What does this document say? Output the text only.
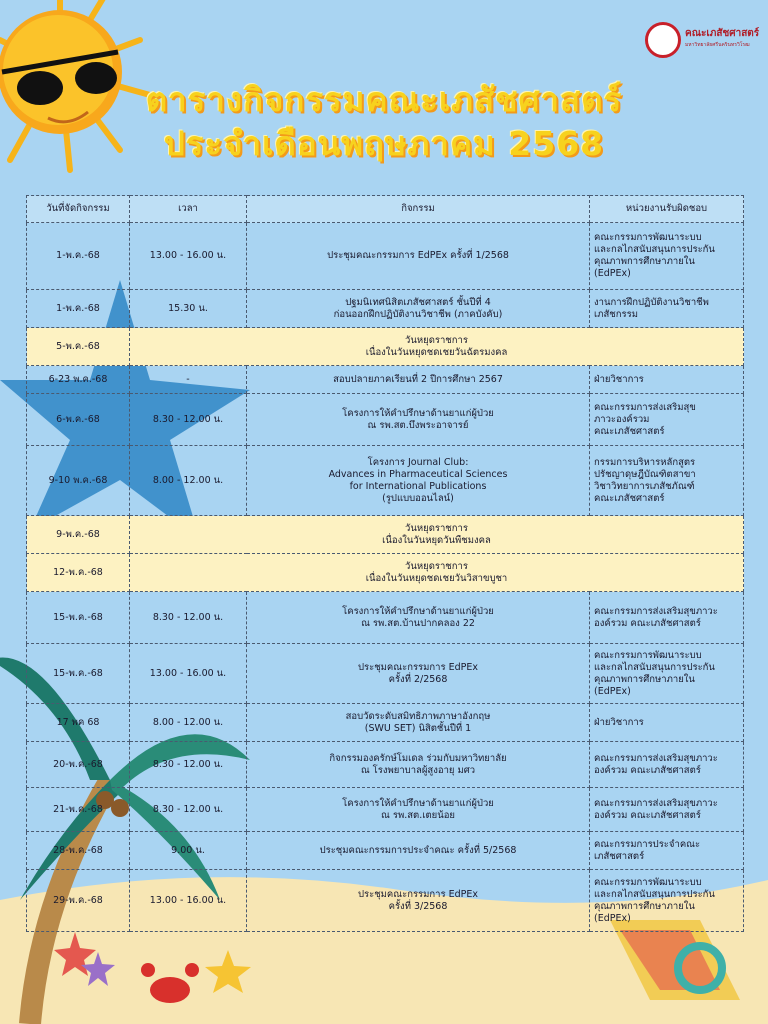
คณะเภสัชศาสตร์
มหาวิทยาลัยศรีนครินทรวิโรฒ
ตารางกิจกรรมคณะเภสัชศาสตร์
ประจำเดือนพฤษภาคม 2568
วันที่จัดกิจกรรม	เวลา	กิจกรรม	หน่วยงานรับผิดชอบ
1-พ.ค.-68	13.00 - 16.00 น.	ประชุมคณะกรรมการ EdPEx ครั้งที่ 1/2568	คณะกรรมการพัฒนาระบบ
และกลไกสนับสนุนการประกัน
คุณภาพการศึกษาภายใน
(EdPEx)
1-พ.ค.-68	15.30 น.	ปฐมนิเทศนิสิตเภสัชศาสตร์ ชั้นปีที่ 4
ก่อนออกฝึกปฏิบัติงานวิชาชีพ (ภาคบังคับ)	งานการฝึกปฏิบัติงานวิชาชีพ
เภสัชกรรม
5-พ.ค.-68	วันหยุดราชการ
เนื่องในวันหยุดชดเชยวันฉัตรมงคล		
6-23 พ.ค.-68	-	สอบปลายภาคเรียนที่ 2 ปีการศึกษา 2567	ฝ่ายวิชาการ
6-พ.ค.-68	8.30 - 12.00 น.	โครงการให้คำปรึกษาด้านยาแก่ผู้ป่วย
ณ รพ.สต.บึงพระอาจารย์	คณะกรรมการส่งเสริมสุข
ภาวะองค์รวม
คณะเภสัชศาสตร์
9-10 พ.ค.-68	8.00 - 12.00 น.	โครงการ Journal Club:
Advances in Pharmaceutical Sciences
for International Publications
(รูปแบบออนไลน์)	กรรมการบริหารหลักสูตร
ปรัชญาดุษฎีบัณฑิตสาขา
วิชาวิทยาการเภสัชภัณฑ์
คณะเภสัชศาสตร์
9-พ.ค.-68	วันหยุดราชการ
เนื่องในวันหยุดวันพืชมงคล		
12-พ.ค.-68	วันหยุดราชการ
เนื่องในวันหยุดชดเชยวันวิสาขบูชา		
15-พ.ค.-68	8.30 - 12.00 น.	โครงการให้คำปรึกษาด้านยาแก่ผู้ป่วย
ณ รพ.สต.บ้านปากคลอง 22	คณะกรรมการส่งเสริมสุขภาวะ
องค์รวม คณะเภสัชศาสตร์
15-พ.ค.-68	13.00 - 16.00 น.	ประชุมคณะกรรมการ EdPEx
ครั้งที่ 2/2568	คณะกรรมการพัฒนาระบบ
และกลไกสนับสนุนการประกัน
คุณภาพการศึกษาภายใน
(EdPEx)
17 พค 68	8.00 - 12.00 น.	สอบวัดระดับสมิทธิภาพภาษาอังกฤษ
(SWU SET) นิสิตชั้นปีที่ 1	ฝ่ายวิชาการ
20-พ.ค.-68	8.30 - 12.00 น.	กิจกรรมองครักษ์โมเดล ร่วมกับมหาวิทยาลัย
ณ โรงพยาบาลผู้สูงอายุ มศว	คณะกรรมการส่งเสริมสุขภาวะ
องค์รวม คณะเภสัชศาสตร์
21-พ.ค.-68	8.30 - 12.00 น.	โครงการให้คำปรึกษาด้านยาแก่ผู้ป่วย
ณ รพ.สต.เตยน้อย	คณะกรรมการส่งเสริมสุขภาวะ
องค์รวม คณะเภสัชศาสตร์
28-พ.ค.-68	9.00 น.	ประชุมคณะกรรมการประจำคณะ ครั้งที่ 5/2568	คณะกรรมการประจำคณะ
เภสัชศาสตร์
29-พ.ค.-68	13.00 - 16.00 น.	ประชุมคณะกรรมการ EdPEx
ครั้งที่ 3/2568	คณะกรรมการพัฒนาระบบ
และกลไกสนับสนุนการประกัน
คุณภาพการศึกษาภายใน
(EdPEx)
